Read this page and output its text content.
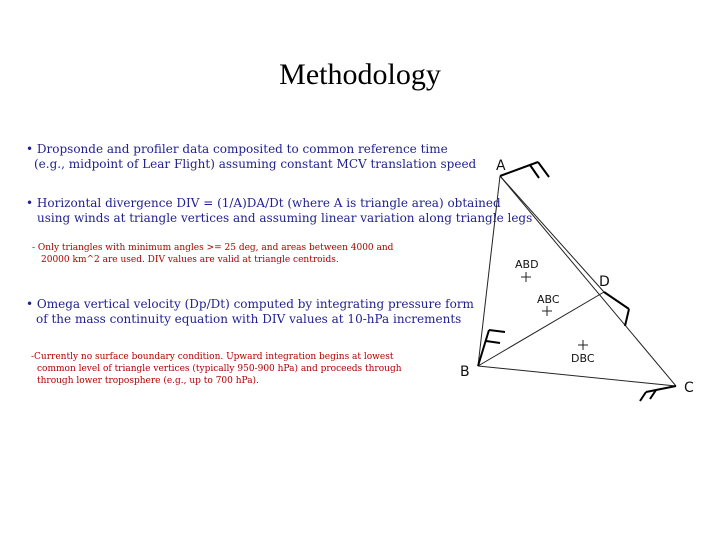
Methodology
• Dropsonde and profiler data composited to common reference time
(e.g., midpoint of Lear Flight) assuming constant MCV translation speed
• Horizontal divergence DIV = (1/A)DA/Dt (where A is triangle area) obtained
using winds at triangle vertices and assuming linear variation along triangle legs
- Only triangles with minimum angles >= 25 deg, and areas between 4000 and
20000 km^2 are used. DIV values are valid at triangle centroids.
• Omega vertical velocity (Dp/Dt) computed by integrating pressure form
of the mass continuity equation with DIV values at 10-hPa increments
-Currently no surface boundary condition. Upward integration begins at lowest
common level of triangle vertices (typically 950-900 hPa) and proceeds through
through lower troposphere (e.g., up to 700 hPa).
A
B
C
D
ABD
ABC
DBC
